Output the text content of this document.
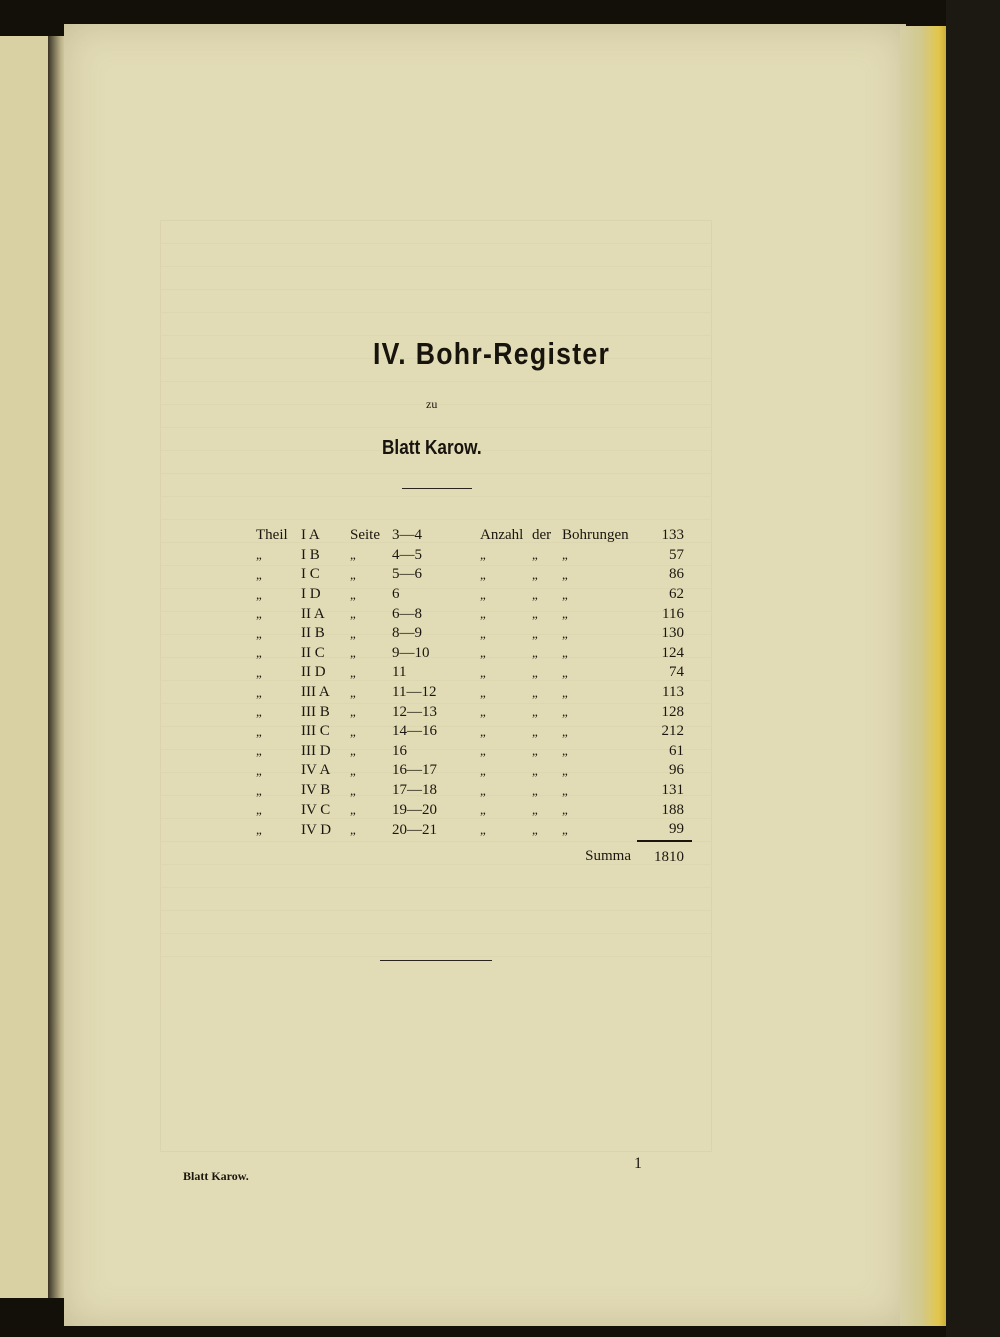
IV. Bohr-Register
zu
Blatt Karow.
Theil	I A	Seite	3—4	Anzahl	der	Bohrungen	133
„	I B	„	4—5	„	„	„	57
„	I C	„	5—6	„	„	„	86
„	I D	„	6	„	„	„	62
„	II A	„	6—8	„	„	„	116
„	II B	„	8—9	„	„	„	130
„	II C	„	9—10	„	„	„	124
„	II D	„	11	„	„	„	74
„	III A	„	11—12	„	„	„	113
„	III B	„	12—13	„	„	„	128
„	III C	„	14—16	„	„	„	212
„	III D	„	16	„	„	„	61
„	IV A	„	16—17	„	„	„	96
„	IV B	„	17—18	„	„	„	131
„	IV C	„	19—20	„	„	„	188
„	IV D	„	20—21	„	„	„	99
Summa							1810
Blatt Karow.
1
